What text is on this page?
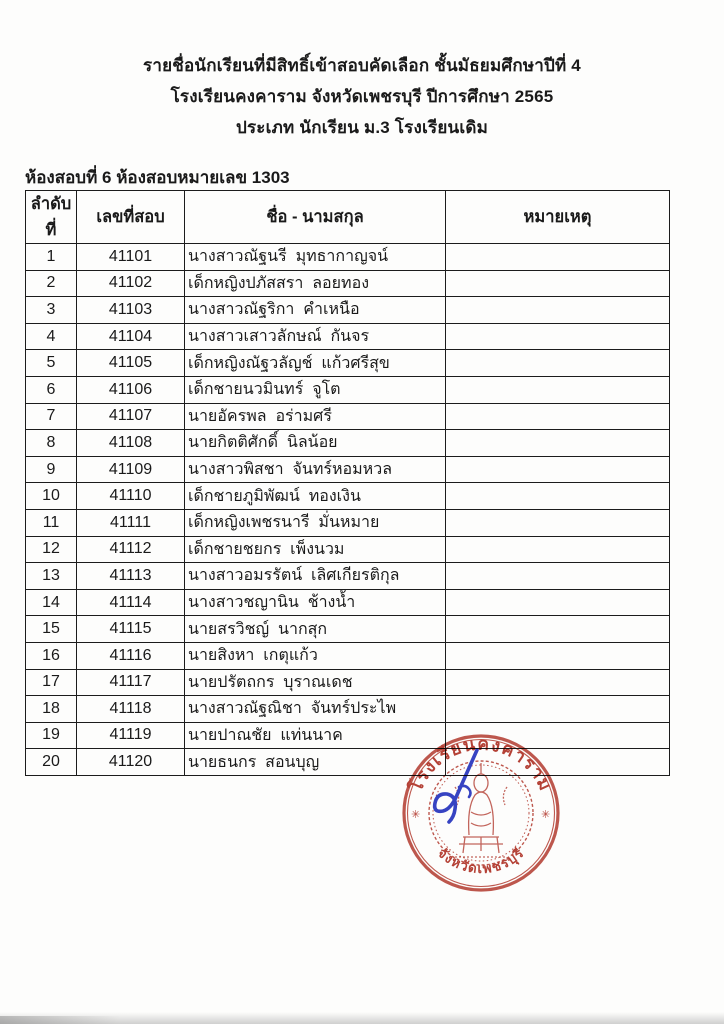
รายชื่อนักเรียนที่มีสิทธิ์เข้าสอบคัดเลือก ชั้นมัธยมศึกษาปีที่ 4
โรงเรียนคงคาราม จังหวัดเพชรบุรี ปีการศึกษา 2565
ประเภท นักเรียน ม.3 โรงเรียนเดิม
ห้องสอบที่ 6 ห้องสอบหมายเลข 1303
ลำดับที่	เลขที่สอบ	ชื่อ - นามสกุล	หมายเหตุ
1	41101	นางสาวณัฐนรี  มุทธากาญจน์	
2	41102	เด็กหญิงปภัสสรา  ลอยทอง	
3	41103	นางสาวณัฐริกา  คำเหนือ	
4	41104	นางสาวเสาวลักษณ์  กันจร	
5	41105	เด็กหญิงณัฐวลัญช์  แก้วศรีสุข	
6	41106	เด็กชายนวมินทร์  จูโต	
7	41107	นายอัครพล  อร่ามศรี	
8	41108	นายกิตติศักดิ์  นิลน้อย	
9	41109	นางสาวพิสชา  จันทร์หอมหวล	
10	41110	เด็กชายภูมิพัฒน์  ทองเงิน	
11	41111	เด็กหญิงเพชรนารี  มั่นหมาย	
12	41112	เด็กชายชยกร  เพ็งนวม	
13	41113	นางสาวอมรรัตน์  เลิศเกียรติกุล	
14	41114	นางสาวชญานิน  ช้างน้ำ	
15	41115	นายสรวิชญ์  นากสุก	
16	41116	นายสิงหา  เกตุแก้ว	
17	41117	นายปรัตถกร  บุราณเดช	
18	41118	นางสาวณัฐณิชา  จันทร์ประไพ	
19	41119	นายปาณชัย  แท่นนาค	
20	41120	นายธนกร  สอนบุญ	
โรงเรียนคงคาราม
จังหวัดเพชรบุรี
✳	✳
